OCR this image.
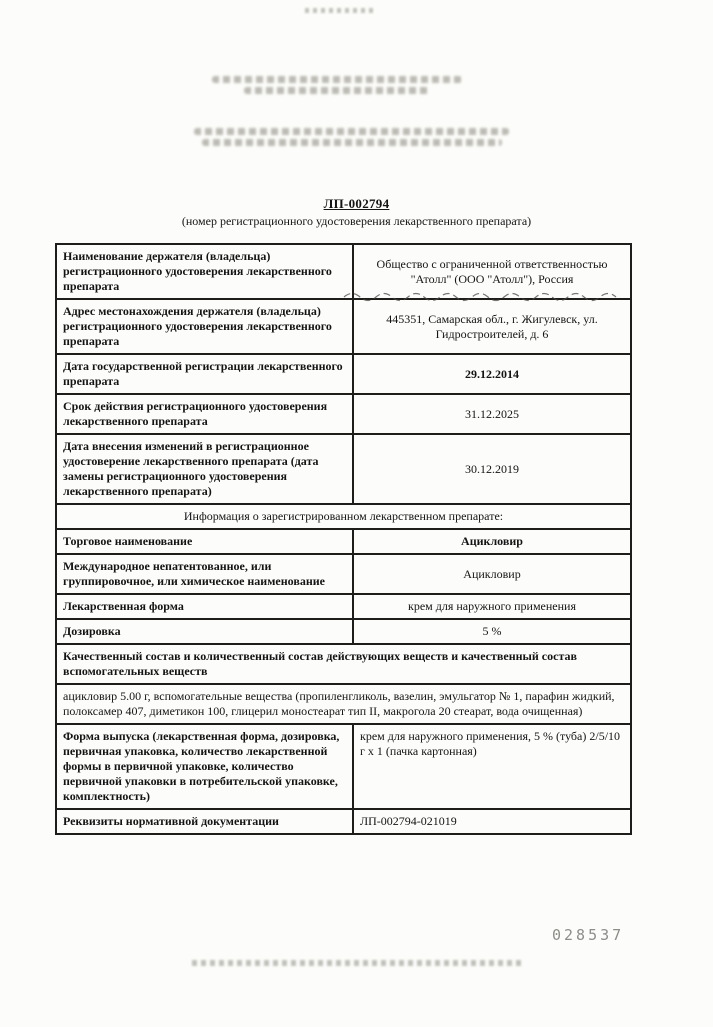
ЛП-002794
(номер регистрационного удостоверения лекарственного препарата)
Наименование держателя (владельца) регистрационного удостоверения лекарственного препарата	Общество с ограниченной ответственностью "Атолл" (ООО "Атолл"), Россия
Адрес местонахождения держателя (владельца) регистрационного удостоверения лекарственного препарата	445351, Самарская обл., г. Жигулевск, ул. Гидростроителей, д. 6
Дата государственной регистрации лекарственного препарата	29.12.2014
Срок действия регистрационного удостоверения лекарственного препарата	31.12.2025
Дата внесения изменений в регистрационное удостоверение лекарственного препарата (дата замены регистрационного удостоверения лекарственного препарата)	30.12.2019
Информация о зарегистрированном лекарственном препарате:	
Торговое наименование	Ацикловир
Международное непатентованное, или группировочное, или химическое наименование	Ацикловир
Лекарственная форма	крем для наружного применения
Дозировка	5 %
Качественный состав и количественный состав действующих веществ и качественный состав вспомогательных веществ	
ацикловир 5.00 г, вспомогательные вещества (пропиленгликоль, вазелин, эмульгатор № 1, парафин жидкий, полоксамер 407, диметикон 100, глицерил моностеарат тип II, макрогола 20 стеарат, вода очищенная)	
Форма выпуска (лекарственная форма, дозировка, первичная упаковка, количество лекарственной формы в первичной упаковке, количество первичной упаковки в потребительской упаковке, комплектность)	крем для наружного применения, 5 % (туба) 2/5/10 г х 1 (пачка картонная)
Реквизиты нормативной документации	ЛП-002794-021019
028537
